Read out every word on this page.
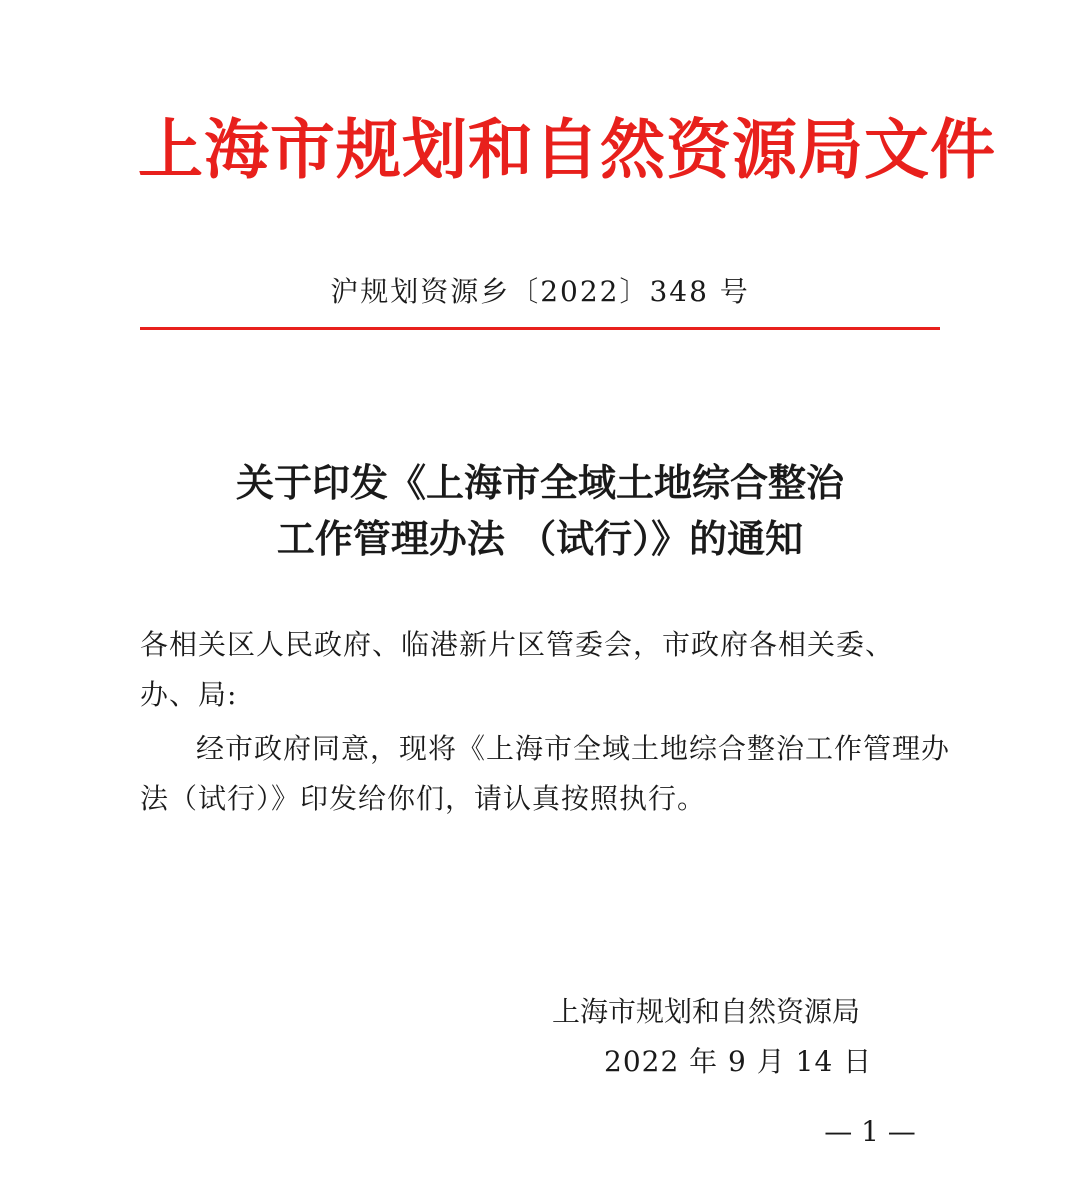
上海市规划和自然资源局文件
沪规划资源乡〔2022〕348 号
关于印发《上海市全域土地综合整治
工作管理办法 （试行）》的通知
各相关区人民政府、临港新片区管委会，市政府各相关委、办、局:
经市政府同意，现将《上海市全域土地综合整治工作管理办法（试行）》印发给你们，请认真按照执行。
上海市规划和自然资源局
2022 年 9 月 14 日
— 1 —
